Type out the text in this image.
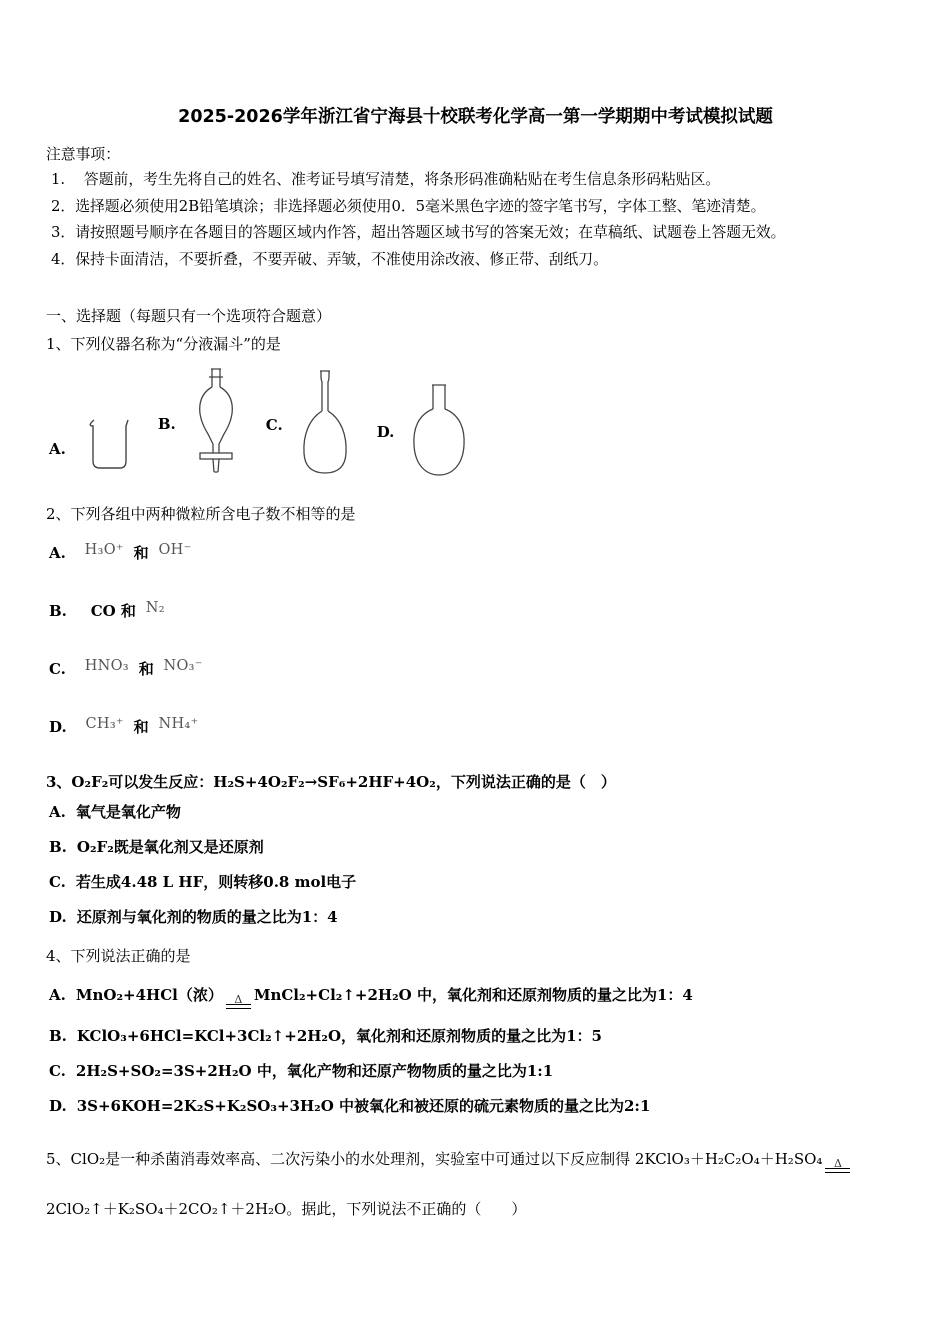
2025-2026学年浙江省宁海县十校联考化学高一第一学期期中考试模拟试题
注意事项：
1.    答题前，考生先将自己的姓名、准考证号填写清楚，将条形码准确粘贴在考生信息条形码粘贴区。
2．选择题必须使用2B铅笔填涂；非选择题必须使用0．5毫米黑色字迹的签字笔书写，字体工整、笔迹清楚。
3．请按照题号顺序在各题目的答题区域内作答，超出答题区域书写的答案无效；在草稿纸、试题卷上答题无效。
4．保持卡面清洁，不要折叠，不要弄破、弄皱，不准使用涂改液、修正带、刮纸刀。
一、选择题（每题只有一个选项符合题意）
1、下列仪器名称为“分液漏斗”的是
A.
B.	C.	D.
2、下列各组中两种微粒所含电子数不相等的是
A. H₃O⁺ 和 OH⁻
B. CO 和 N₂
C. HNO₃ 和 NO₃⁻
D. CH₃⁺ 和 NH₄⁺
3、O₂F₂可以发生反应：H₂S+4O₂F₂→SF₆+2HF+4O₂，下列说法正确的是（　）
A. 氧气是氧化产物
B. O₂F₂既是氧化剂又是还原剂
C. 若生成4.48 L HF，则转移0.8 mol电子
D. 还原剂与氧化剂的物质的量之比为1：4
4、下列说法正确的是
A. MnO₂+4HCl（浓） Δ MnCl₂+Cl₂↑+2H₂O 中，氧化剂和还原剂物质的量之比为1：4
B. KClO₃+6HCl=KCl+3Cl₂↑+2H₂O，氧化剂和还原剂物质的量之比为1：5
C. 2H₂S+SO₂=3S+2H₂O 中，氧化产物和还原产物物质的量之比为1:1
D. 3S+6KOH=2K₂S+K₂SO₃+3H₂O 中被氧化和被还原的硫元素物质的量之比为2:1
5、ClO₂是一种杀菌消毒效率高、二次污染小的水处理剂，实验室中可通过以下反应制得 2KClO₃＋H₂C₂O₄＋H₂SO₄ Δ
2ClO₂↑＋K₂SO₄＋2CO₂↑＋2H₂O。据此，下列说法不正确的（　　）
